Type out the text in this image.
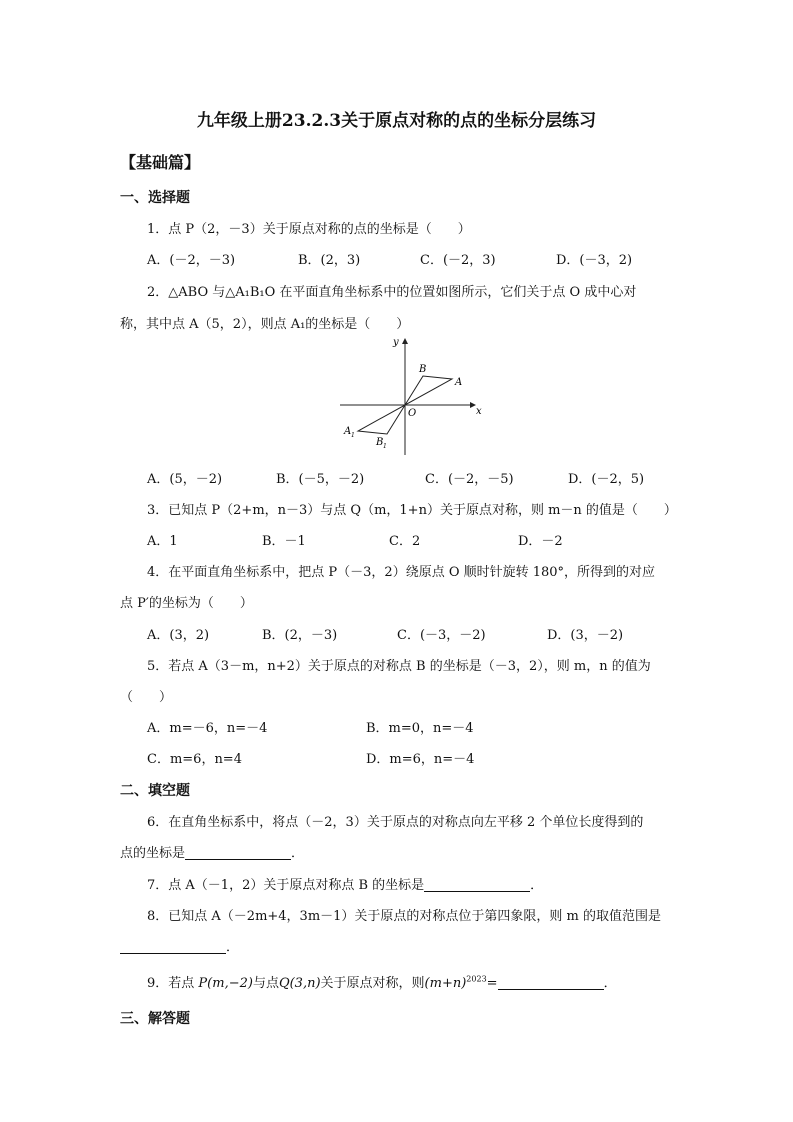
九年级上册23.2.3关于原点对称的点的坐标分层练习
【基础篇】
一、选择题
1．点 P（2，－3）关于原点对称的点的坐标是（　　）
A．(－2，－3)	B．(2，3)	C．(－2，3)	D．(－3，2)
2．△ABO 与△A₁B₁O 在平面直角坐标系中的位置如图所示，它们关于点 O 成中心对
称，其中点 A（5，2），则点 A₁的坐标是（　　）
y
x
O
A
B
A 1
B 1
A．(5，－2)	B．(－5，－2)	C．(－2，－5)	D．(－2，5)
3．已知点 P（2+m，n－3）与点 Q（m，1+n）关于原点对称，则 m－n 的值是（　　）
A．1	B．－1	C．2	D．－2
4．在平面直角坐标系中，把点 P（－3，2）绕原点 O 顺时针旋转 180°，所得到的对应
点 P′的坐标为（　　）
A．(3，2)	B．(2，－3)	C．(－3，－2)	D．(3，－2)
5．若点 A（3－m，n+2）关于原点的对称点 B 的坐标是（－3，2），则 m，n 的值为
（　　）
A．m=－6，n=－4	B．m=0，n=－4
C．m=6，n=4	D．m=6，n=－4
二、填空题
6．在直角坐标系中，将点（－2，3）关于原点的对称点向左平移 2 个单位长度得到的
点的坐标是	．
7．点 A（－1，2）关于原点对称点 B 的坐标是	．
8．已知点 A（－2m+4，3m－1）关于原点的对称点位于第四象限，则 m 的取值范围是
．
9．若点 P(m,−2)与点Q(3,n)关于原点对称，则$(m+n)^{2023}=$	．
三、解答题
